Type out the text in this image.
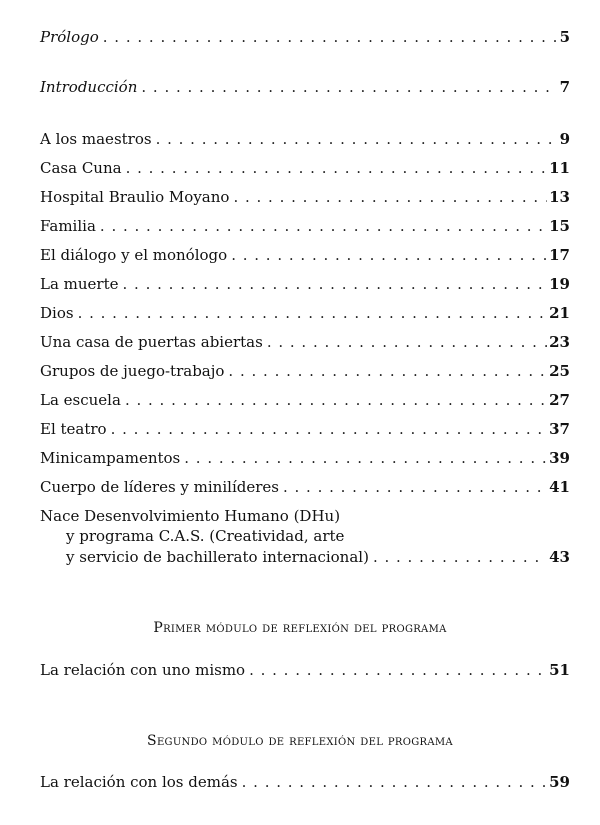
Prólogo . . .	5
Introducción . . .	7
A los maestros . . .	9
Casa Cuna . . .	11
Hospital Braulio Moyano . . .	13
Familia . . .	15
El diálogo y el monólogo . . .	17
La muerte . . .	19
Dios . . .	21
Una casa de puertas abiertas . . .	23
Grupos de juego-trabajo . . .	25
La escuela . . .	27
El teatro . . .	37
Minicampamentos . . .	39
Cuerpo de líderes y minilíderes . . .	41
Nace Desenvolvimiento Humano (DHu)
y programa C.A.S. (Creatividad, arte
y servicio de bachillerato internacional) . . .	43
Primer módulo de reflexión del programa
La relación con uno mismo . . .	51
Segundo módulo de reflexión del programa
La relación con los demás . . .	59
